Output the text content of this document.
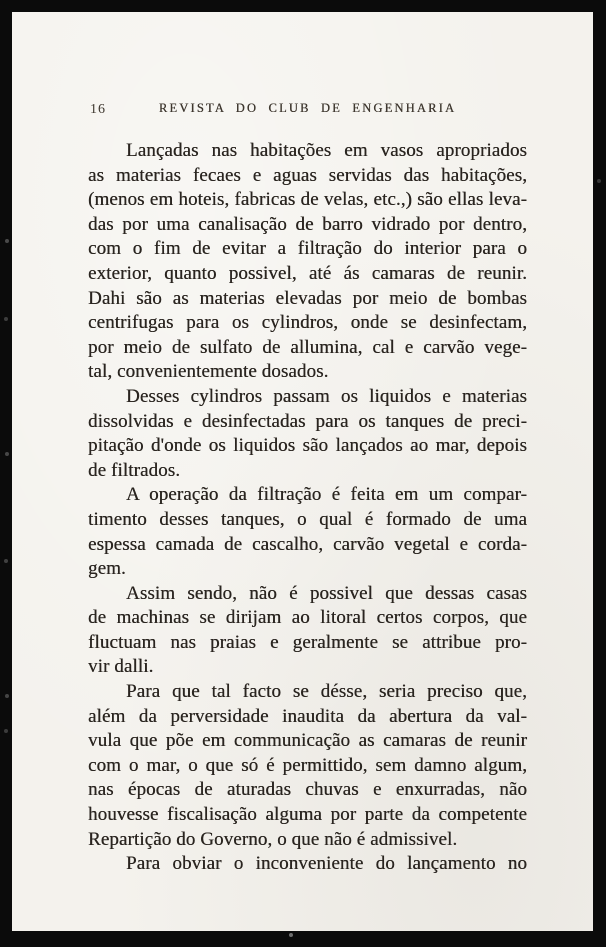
16	REVISTA DO CLUB DE ENGENHARIA
Lançadas nas habitações em vasos apropriados
as materias fecaes e aguas servidas das habitações,
(menos em hoteis, fabricas de velas, etc.,) são ellas leva-
das por uma canalisação de barro vidrado por dentro,
com o fim de evitar a filtração do interior para o
exterior, quanto possivel, até ás camaras de reunir.
Dahi são as materias elevadas por meio de bombas
centrifugas para os cylindros, onde se desinfectam,
por meio de sulfato de allumina, cal e carvão vege-
tal, convenientemente dosados.
Desses cylindros passam os liquidos e materias
dissolvidas e desinfectadas para os tanques de preci-
pitação d'onde os liquidos são lançados ao mar, depois
de filtrados.
A operação da filtração é feita em um compar-
timento desses tanques, o qual é formado de uma
espessa camada de cascalho, carvão vegetal e corda-
gem.
Assim sendo, não é possivel que dessas casas
de machinas se dirijam ao litoral certos corpos, que
fluctuam nas praias e geralmente se attribue pro-
vir dalli.
Para que tal facto se désse, seria preciso que,
além da perversidade inaudita da abertura da val-
vula que põe em communicação as camaras de reunir
com o mar, o que só é permittido, sem damno algum,
nas épocas de aturadas chuvas e enxurradas, não
houvesse fiscalisação alguma por parte da competente
Repartição do Governo, o que não é admissivel.
Para obviar o inconveniente do lançamento no
